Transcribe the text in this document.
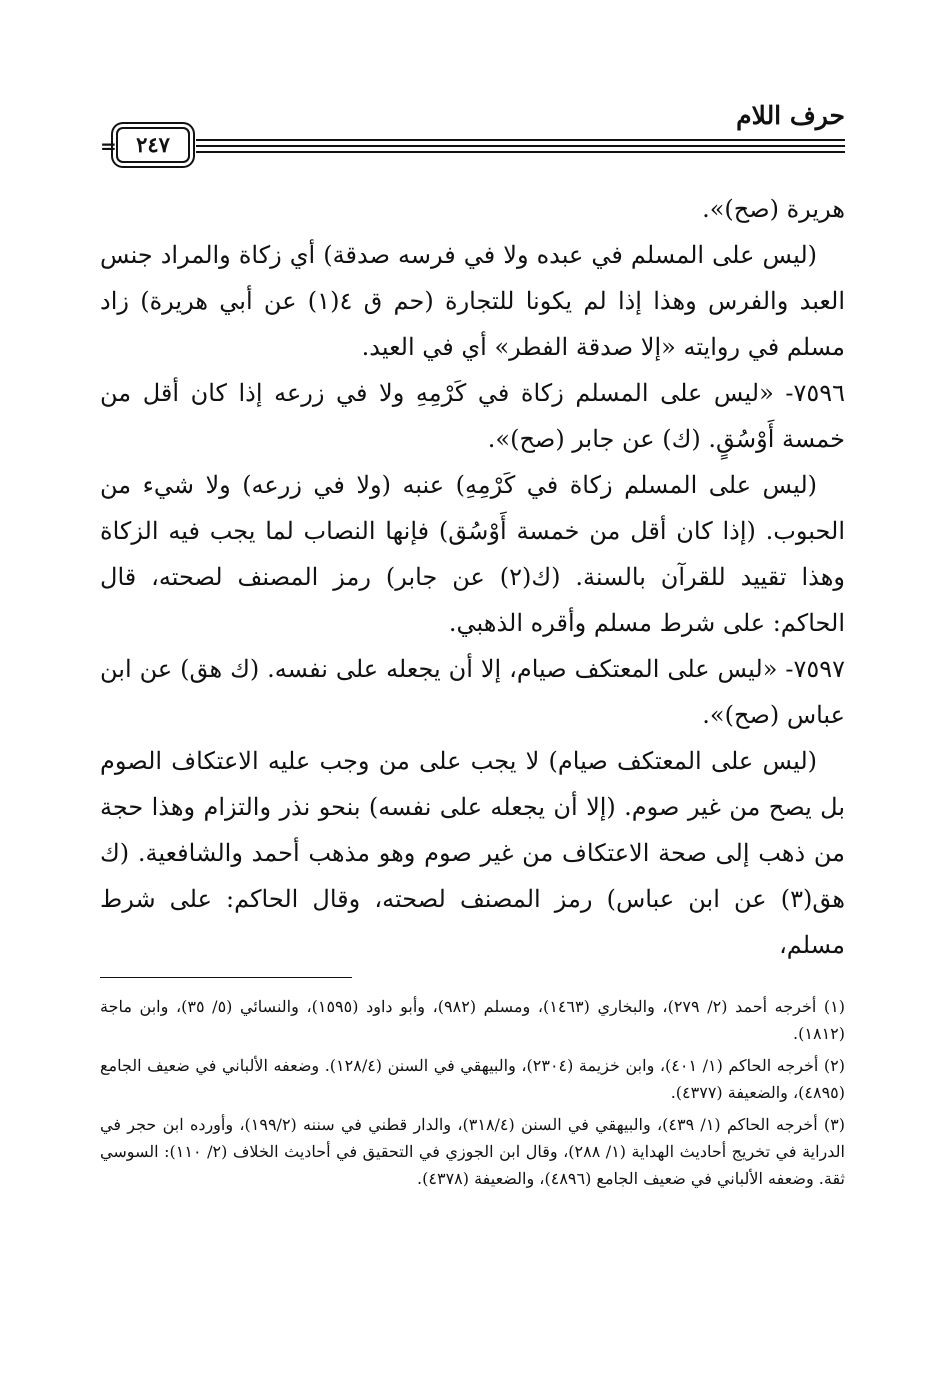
حرف اللام
٢٤٧
=

هريرة (صح)».

(ليس على المسلم في عبده ولا في فرسه صدقة) أي زكاة والمراد جنس العبد والفرس وهذا إذا لم يكونا للتجارة (حم ق ٤(١) عن أبي هريرة) زاد مسلم في روايته «إلا صدقة الفطر» أي في العيد.

٧٥٩٦- «ليس على المسلم زكاة في كَرْمِهِ ولا في زرعه إذا كان أقل من خمسة أَوْسُقٍ. (ك) عن جابر (صح)».

(ليس على المسلم زكاة في كَرْمِهِ) عنبه (ولا في زرعه) ولا شيء من الحبوب. (إذا كان أقل من خمسة أَوْسُق) فإنها النصاب لما يجب فيه الزكاة وهذا تقييد للقرآن بالسنة. (ك(٢) عن جابر) رمز المصنف لصحته، قال الحاكم: على شرط مسلم وأقره الذهبي.

٧٥٩٧- «ليس على المعتكف صيام، إلا أن يجعله على نفسه. (ك هق) عن ابن عباس (صح)».

(ليس على المعتكف صيام) لا يجب على من وجب عليه الاعتكاف الصوم بل يصح من غير صوم. (إلا أن يجعله على نفسه) بنحو نذر والتزام وهذا حجة من ذهب إلى صحة الاعتكاف من غير صوم وهو مذهب أحمد والشافعية. (ك هق(٣) عن ابن عباس) رمز المصنف لصحته، وقال الحاكم: على شرط مسلم،

(١) أخرجه أحمد (٢/ ٢٧٩)، والبخاري (١٤٦٣)، ومسلم (٩٨٢)، وأبو داود (١٥٩٥)، والنسائي (٥/ ٣٥)، وابن ماجة (١٨١٢).

(٢) أخرجه الحاكم (١/ ٤٠١)، وابن خزيمة (٢٣٠٤)، والبيهقي في السنن (١٢٨/٤). وضعفه الألباني في ضعيف الجامع (٤٨٩٥)، والضعيفة (٤٣٧٧).

(٣) أخرجه الحاكم (١/ ٤٣٩)، والبيهقي في السنن (٣١٨/٤)، والدار قطني في سننه (١٩٩/٢)، وأورده ابن حجر في الدراية في تخريج أحاديث الهداية (١/ ٢٨٨)، وقال ابن الجوزي في التحقيق في أحاديث الخلاف (٢/ ١١٠): السوسي ثقة. وضعفه الألباني في ضعيف الجامع (٤٨٩٦)، والضعيفة (٤٣٧٨).
